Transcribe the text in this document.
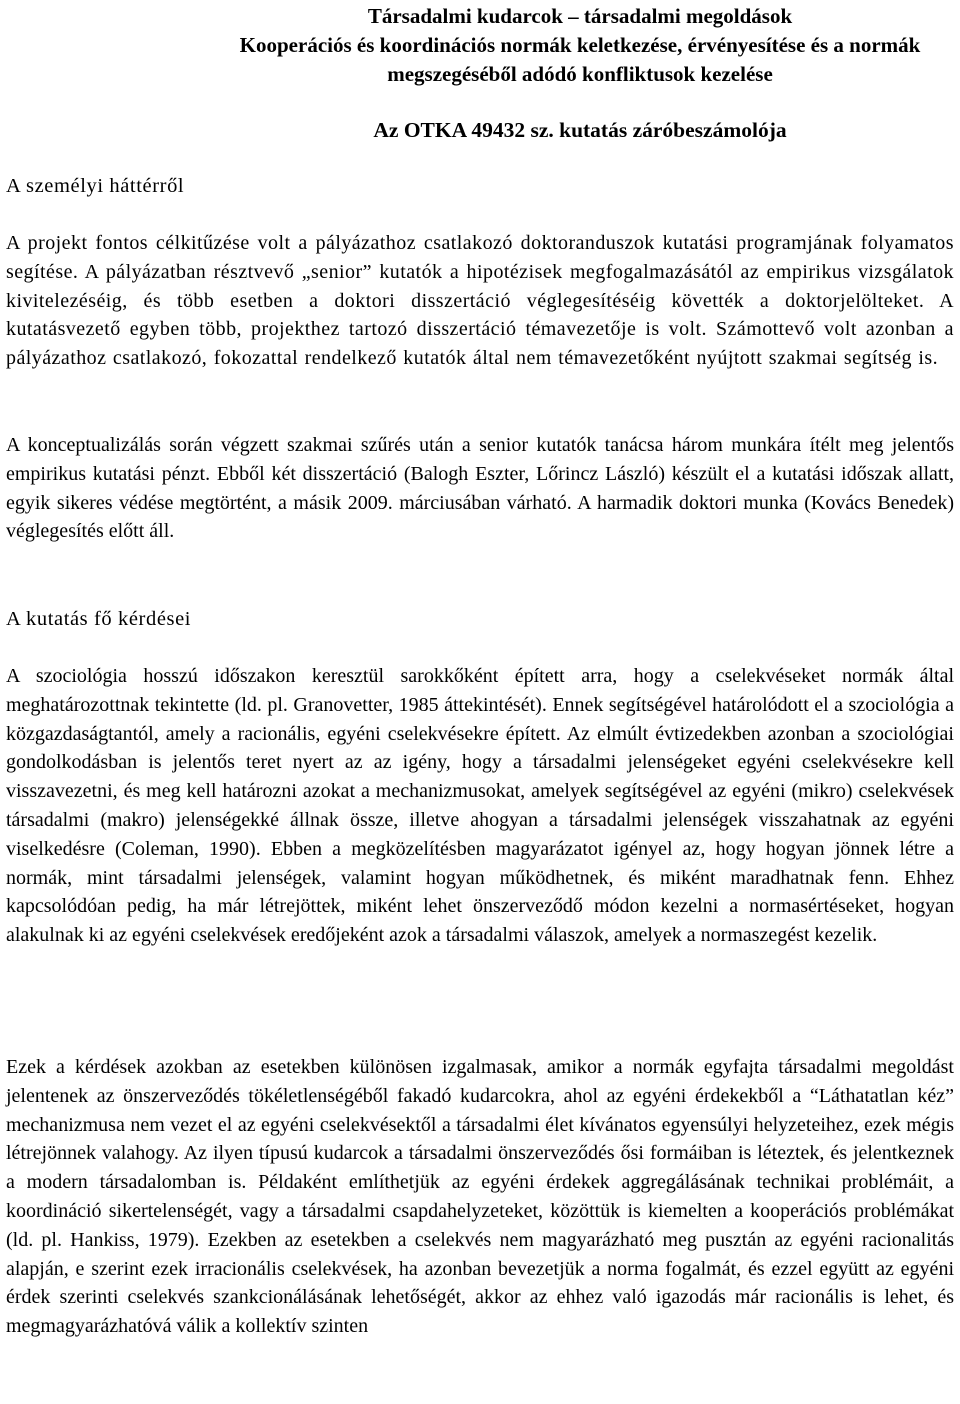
Társadalmi kudarcok – társadalmi megoldások
Kooperációs és koordinációs normák keletkezése, érvényesítése és a normák
megszegéséből adódó konfliktusok kezelése
Az OTKA 49432 sz. kutatás záróbeszámolója
A személyi háttérről

A projekt fontos célkitűzése volt a pályázathoz csatlakozó doktoranduszok kutatási programjának folyamatos segítése. A pályázatban résztvevő „senior” kutatók a hipotézisek megfogalmazásától az empirikus vizsgálatok kivitelezéséig, és több esetben a doktori disszertáció véglegesítéséig követték a doktorjelölteket. A kutatásvezető egyben több, projekthez tartozó disszertáció témavezetője is volt. Számottevő volt azonban a pályázathoz csatlakozó, fokozattal rendelkező kutatók által nem témavezetőként nyújtott szakmai segítség is.

A konceptualizálás során végzett szakmai szűrés után a senior kutatók tanácsa három munkára ítélt meg jelentős empirikus kutatási pénzt. Ebből két disszertáció (Balogh Eszter, Lőrincz László) készült el a kutatási időszak allatt, egyik sikeres védése megtörtént, a másik 2009. márciusában várható. A harmadik doktori munka (Kovács Benedek) véglegesítés előtt áll.

A kutatás fő kérdései

A szociológia hosszú időszakon keresztül sarokkőként épített arra, hogy a cselekvéseket normák által meghatározottnak tekintette (ld. pl. Granovetter, 1985 áttekintését). Ennek segítségével határolódott el a szociológia a közgazdaságtantól, amely a racionális, egyéni cselekvésekre épített. Az elmúlt évtizedekben azonban a szociológiai gondolkodásban is jelentős teret nyert az az igény, hogy a társadalmi jelenségeket egyéni cselekvésekre kell visszavezetni, és meg kell határozni azokat a mechanizmusokat, amelyek segítségével az egyéni (mikro) cselekvések társadalmi (makro) jelenségekké állnak össze, illetve ahogyan a társadalmi jelenségek visszahatnak az egyéni viselkedésre (Coleman, 1990). Ebben a megközelítésben magyarázatot igényel az, hogy hogyan jönnek létre a normák, mint társadalmi jelenségek, valamint hogyan működhetnek, és miként maradhatnak fenn. Ehhez kapcsolódóan pedig, ha már létrejöttek, miként lehet önszerveződő módon kezelni a normasértéseket, hogyan alakulnak ki az egyéni cselekvések eredőjeként azok a társadalmi válaszok, amelyek a normaszegést kezelik.

Ezek a kérdések azokban az esetekben különösen izgalmasak, amikor a normák egyfajta társadalmi megoldást jelentenek az önszerveződés tökéletlenségéből fakadó kudarcokra, ahol az egyéni érdekekből a “Láthatatlan kéz” mechanizmusa nem vezet el az egyéni cselekvésektől a társadalmi élet kívánatos egyensúlyi helyzeteihez, ezek mégis létrejönnek valahogy. Az ilyen típusú kudarcok a társadalmi önszerveződés ősi formáiban is léteztek, és jelentkeznek a modern társadalomban is. Példaként említhetjük az egyéni érdekek aggregálásának technikai problémáit, a koordináció sikertelenségét, vagy a társadalmi csapdahelyzeteket, közöttük is kiemelten a kooperációs problémákat (ld. pl. Hankiss, 1979). Ezekben az esetekben a cselekvés nem magyarázható meg pusztán az egyéni racionalitás alapján, e szerint ezek irracionális cselekvések, ha azonban bevezetjük a norma fogalmát, és ezzel együtt az egyéni érdek szerinti cselekvés szankcionálásának lehetőségét, akkor az ehhez való igazodás már racionális is lehet, és megmagyarázhatóvá válik a kollektív szinten
